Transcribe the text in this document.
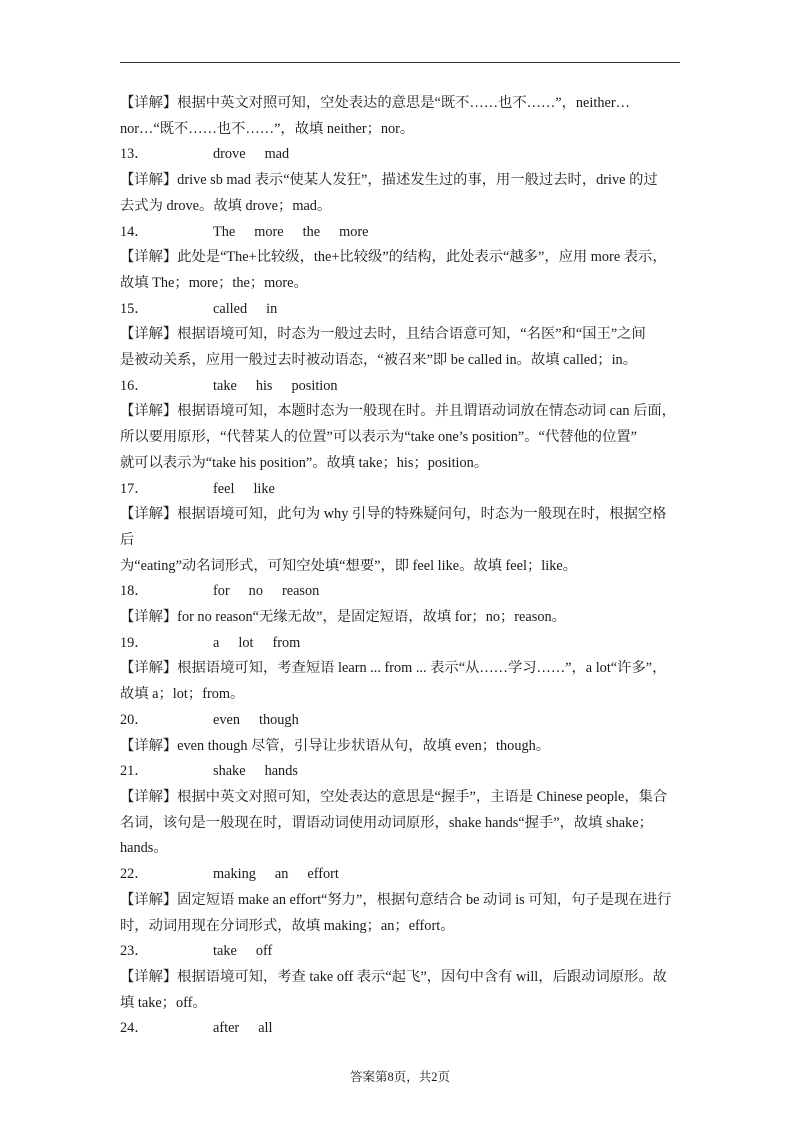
【详解】根据中英文对照可知，空处表达的意思是“既不……也不……”，neither…
nor…“既不……也不……”，故填 neither；nor。
13．	drove mad
【详解】drive sb mad 表示“使某人发狂”，描述发生过的事，用一般过去时，drive 的过
去式为 drove。故填 drove；mad。
14．	The more the more
【详解】此处是“The+比较级，the+比较级”的结构，此处表示“越多”，应用 more 表示，
故填 The；more；the；more。
15．	called in
【详解】根据语境可知，时态为一般过去时，且结合语意可知，“名医”和“国王”之间
是被动关系，应用一般过去时被动语态，“被召来”即 be called in。故填 called；in。
16．	take his position
【详解】根据语境可知，本题时态为一般现在时。并且谓语动词放在情态动词 can 后面，
所以要用原形，“代替某人的位置”可以表示为“take one’s position”。“代替他的位置”
就可以表示为“take his position”。故填 take；his；position。
17．	feel like
【详解】根据语境可知，此句为 why 引导的特殊疑问句，时态为一般现在时，根据空格后
为“eating”动名词形式，可知空处填“想要”，即 feel like。故填 feel；like。
18．	for no reason
【详解】for no reason“无缘无故”，是固定短语，故填 for；no；reason。
19．	a lot from
【详解】根据语境可知，考查短语 learn ... from ... 表示“从……学习……”，a lot“许多”，
故填 a；lot；from。
20．	even though
【详解】even though 尽管，引导让步状语从句，故填 even；though。
21．	shake hands
【详解】根据中英文对照可知，空处表达的意思是“握手”，主语是 Chinese people，集合
名词，该句是一般现在时，谓语动词使用动词原形，shake hands“握手”，故填 shake；
hands。
22．	making an effort
【详解】固定短语 make an effort“努力”，根据句意结合 be 动词 is 可知，句子是现在进行
时，动词用现在分词形式，故填 making；an；effort。
23．	take off
【详解】根据语境可知，考查 take off 表示“起飞”，因句中含有 will，后跟动词原形。故
填 take；off。
24．	after all
答案第8页，共2页
